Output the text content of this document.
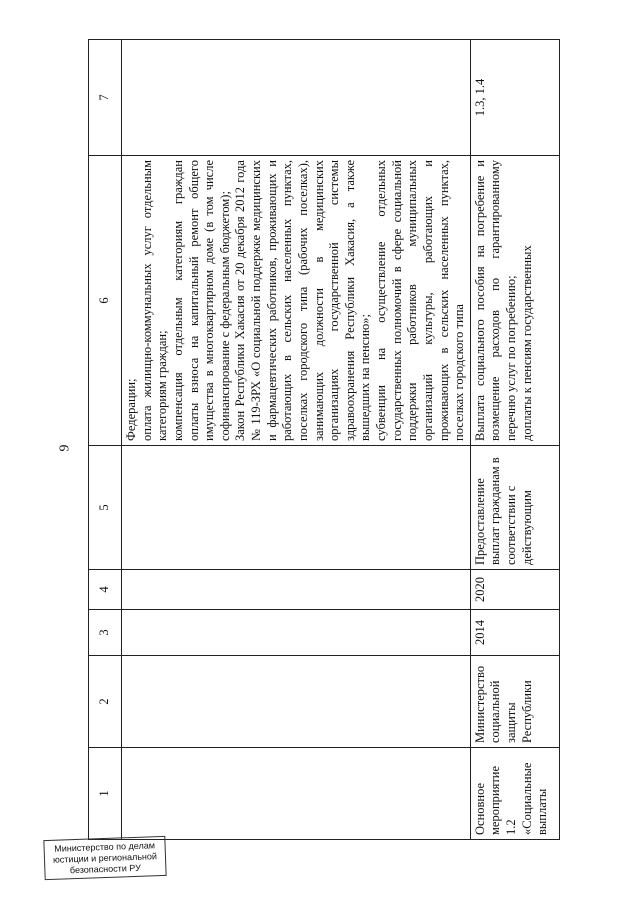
9
1	2	3	4	5	6	7

					Федерации; оплата жилищно-коммунальных услуг отдельным категориям граждан; компенсация отдельным категориям граждан оплаты взноса на капитальный ремонт общего имущества в многоквартирном доме (в том числе софинансирование с федеральным бюджетом); Закон Республики Хакасия от 20 декабря 2012 года № 119-ЗРХ «О социальной поддержке медицинских и фармацевтических работников, проживающих и работающих в сельских населенных пунктах, поселках городского типа (рабочих поселках), занимающих должности в медицинских организациях государственной системы здравоохранения Республики Хакасия, а также вышедших на пенсию»; субвенции на осуществление отдельных государственных полномочий в сфере социальной поддержки работников муниципальных организаций культуры, работающих и проживающих в сельских населенных пунктах, поселках городского типа	

Основное мероприятие 1.2 «Социальные выплаты	Министерство социальной защиты Республики	2014	2020	Предоставление выплат гражданам в соответствии с действующим	Выплата социального пособия на погребение и возмещение расходов по гарантированному перечню услуг по погребению; доплаты к пенсиям государственных	1.3, 1.4
Министерство по делам
юстиции и региональной
безопасности РУ
